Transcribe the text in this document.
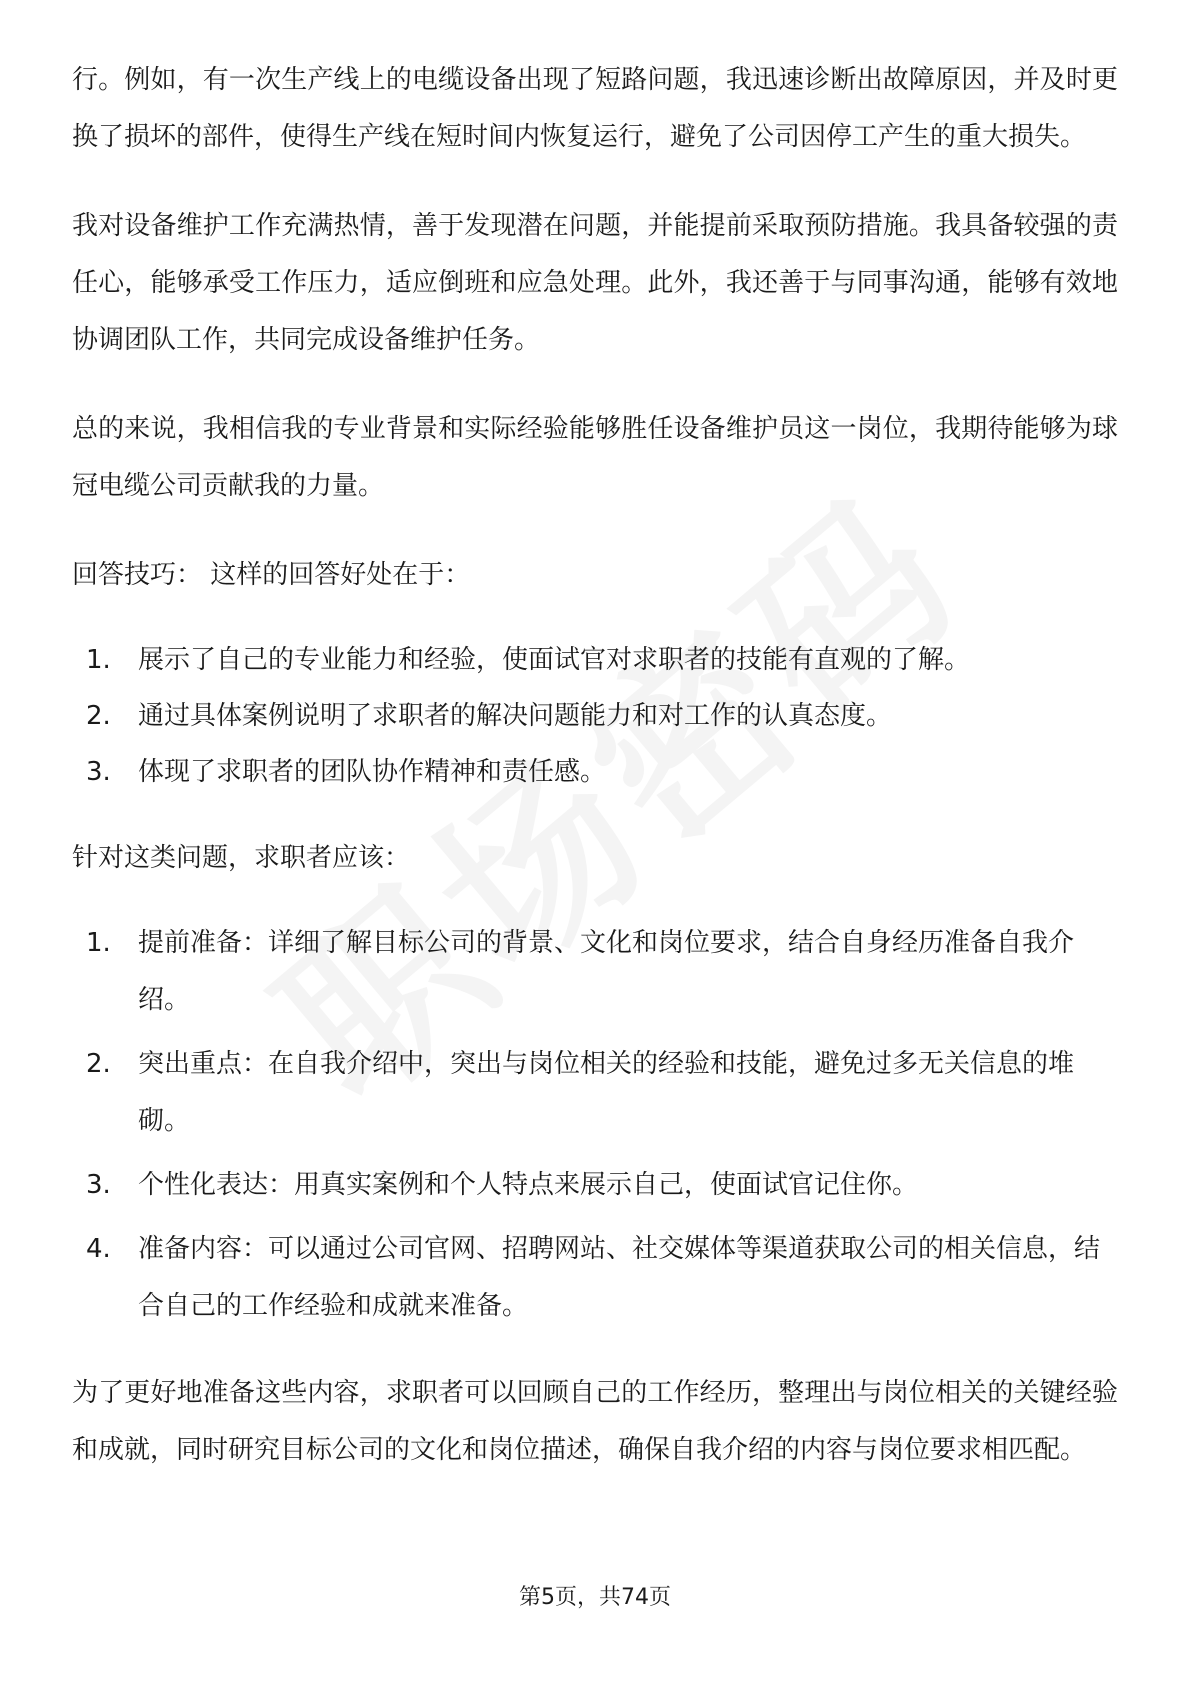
行。例如，有一次生产线上的电缆设备出现了短路问题，我迅速诊断出故障原因，并及时更换了损坏的部件，使得生产线在短时间内恢复运行，避免了公司因停工产生的重大损失。

我对设备维护工作充满热情，善于发现潜在问题，并能提前采取预防措施。我具备较强的责任心，能够承受工作压力，适应倒班和应急处理。此外，我还善于与同事沟通，能够有效地协调团队工作，共同完成设备维护任务。

总的来说，我相信我的专业背景和实际经验能够胜任设备维护员这一岗位，我期待能够为球冠电缆公司贡献我的力量。

回答技巧： 这样的回答好处在于：

1.	展示了自己的专业能力和经验，使面试官对求职者的技能有直观的了解。
2.	通过具体案例说明了求职者的解决问题能力和对工作的认真态度。
3.	体现了求职者的团队协作精神和责任感。

针对这类问题，求职者应该：

1.	提前准备：详细了解目标公司的背景、文化和岗位要求，结合自身经历准备自我介绍。
2.	突出重点：在自我介绍中，突出与岗位相关的经验和技能，避免过多无关信息的堆砌。
3.	个性化表达：用真实案例和个人特点来展示自己，使面试官记住你。
4.	准备内容：可以通过公司官网、招聘网站、社交媒体等渠道获取公司的相关信息，结合自己的工作经验和成就来准备。

为了更好地准备这些内容，求职者可以回顾自己的工作经历，整理出与岗位相关的关键经验和成就，同时研究目标公司的文化和岗位描述，确保自我介绍的内容与岗位要求相匹配。

第5页，共74页
